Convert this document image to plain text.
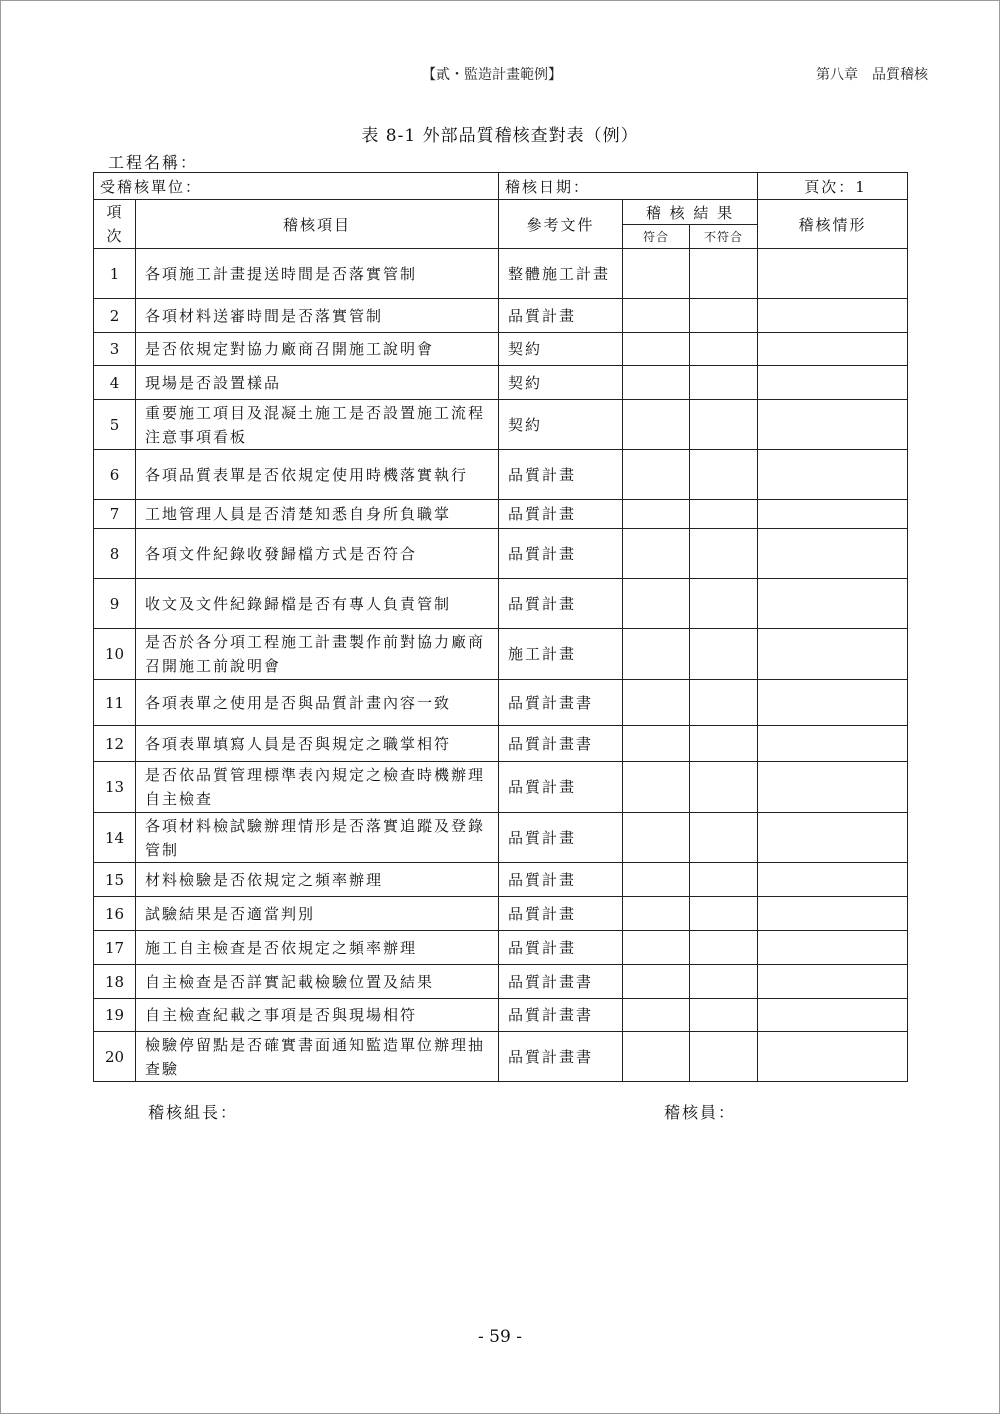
【貳・監造計畫範例】	第八章　品質稽核
表 8-1 外部品質稽核查對表（例）
工程名稱：
受稽核單位：		稽核日期：			頁次：1
項次	稽核項目	參考文件	稽 核 結 果		稽核情形
			符合	不符合	
1	各項施工計畫提送時間是否落實管制	整體施工計畫			
2	各項材料送審時間是否落實管制	品質計畫			
3	是否依規定對協力廠商召開施工說明會	契約			
4	現場是否設置樣品	契約			
5	重要施工項目及混凝土施工是否設置施工流程注意事項看板	契約			
6	各項品質表單是否依規定使用時機落實執行	品質計畫			
7	工地管理人員是否清楚知悉自身所負職掌	品質計畫			
8	各項文件紀錄收發歸檔方式是否符合	品質計畫			
9	收文及文件紀錄歸檔是否有專人負責管制	品質計畫			
10	是否於各分項工程施工計畫製作前對協力廠商召開施工前說明會	施工計畫			
11	各項表單之使用是否與品質計畫內容一致	品質計畫書			
12	各項表單填寫人員是否與規定之職掌相符	品質計畫書			
13	是否依品質管理標準表內規定之檢查時機辦理自主檢查	品質計畫			
14	各項材料檢試驗辦理情形是否落實追蹤及登錄管制	品質計畫			
15	材料檢驗是否依規定之頻率辦理	品質計畫			
16	試驗結果是否適當判別	品質計畫			
17	施工自主檢查是否依規定之頻率辦理	品質計畫			
18	自主檢查是否詳實記載檢驗位置及結果	品質計畫書			
19	自主檢查紀載之事項是否與現場相符	品質計畫書			
20	檢驗停留點是否確實書面通知監造單位辦理抽查驗	品質計畫書			
稽核組長：	稽核員：
- 59 -
